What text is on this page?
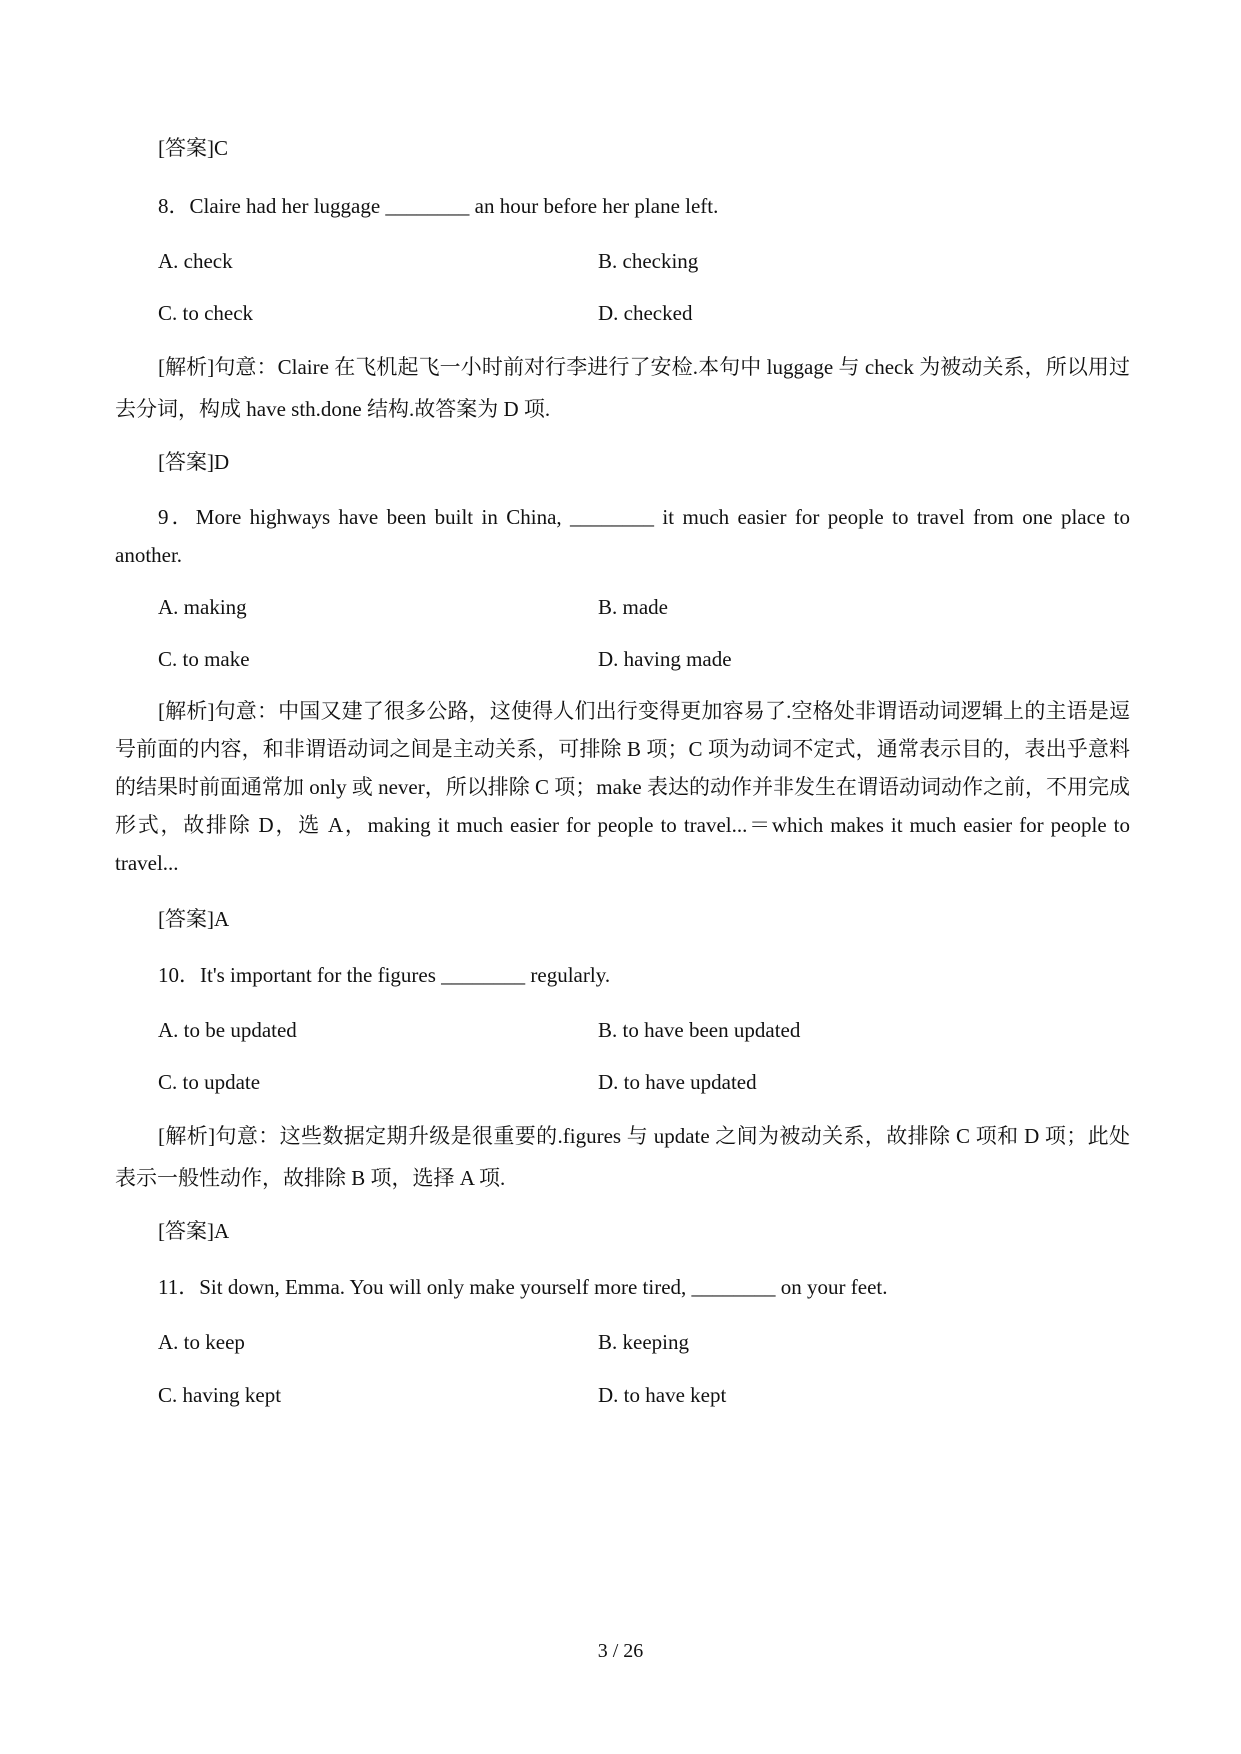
[答案]C
8．Claire had her luggage ________ an hour before her plane left.
A. check	B. checking
C. to check	D. checked
[解析]句意：Claire 在飞机起飞一小时前对行李进行了安检.本句中 luggage 与 check 为被动关系，所以用过去分词，构成 have sth.done 结构.故答案为 D 项.
[答案]D
9．More highways have been built in China, ________ it much easier for people to travel from one place to another.
A. making	B. made
C. to make	D. having made
[解析]句意：中国又建了很多公路，这使得人们出行变得更加容易了.空格处非谓语动词逻辑上的主语是逗号前面的内容，和非谓语动词之间是主动关系，可排除 B 项；C 项为动词不定式，通常表示目的，表出乎意料的结果时前面通常加 only 或 never，所以排除 C 项；make 表达的动作并非发生在谓语动词动作之前，不用完成形式，故排除 D，选 A，making it much easier for people to travel...＝which makes it much easier for people to travel...
[答案]A
10．It's important for the figures ________ regularly.
A. to be updated	B. to have been updated
C. to update	D. to have updated
[解析]句意：这些数据定期升级是很重要的.figures 与 update 之间为被动关系，故排除 C 项和 D 项；此处表示一般性动作，故排除 B 项，选择 A 项.
[答案]A
11．Sit down, Emma. You will only make yourself more tired, ________ on your feet.
A. to keep	B. keeping
C. having kept	D. to have kept
3 / 26
